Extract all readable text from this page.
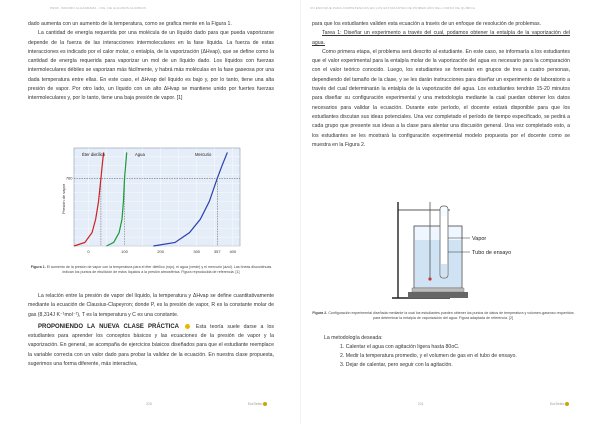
PROF. ISIDORO ALGARRAMA · ING. DE ALGUNOS ALUMNOS

dado aumenta con un aumento de la temperatura, como se grafica mente en la Figura 1.

La cantidad de energía requerida por una molécula de un líquido dado para que pueda vaporizarse depende de la fuerza de las interacciones intermoleculares en la fase líquida. La fuerza de estas interacciones es indicado por el calor molar, o entalpía, de la vaporización (ΔHvap), que se define como la cantidad de energía requerida para vaporizar un mol de un líquido dado. Los líquidos con fuerzas intermoleculares débiles se vaporizan más fácilmente, y habrá más moléculas en la fase gaseosa por una dada temperatura entre ellas. En este caso, el ΔHvap del líquido es bajo y, por lo tanto, tiene una alta presión de vapor. Por otro lado, un líquido con un alto ΔHvap se mantiene unido por fuertes fuerzas intermoleculares y, por lo tanto, tiene una baja presión de vapor. [1]

0	100	200	300	357 400
760
Presión de vapor
Éter dietílico	Agua	Mercurio
Figura 1. El aumento de la presión de vapor con la temperatura para el éter dietílico (rojo), el agua (verde) y el mercurio (azul). Las líneas discontinuas indican los puntos de ebullición de estos líquidos a la presión atmosférica. Figura reproducida de referencia. [1]

La relación entre la presión de vapor del líquido, la temperatura y ΔHvap se define cuantitativamente mediante la ecuación de Clausius-Clapeyron; donde P, es la presión de vapor, R es la constante molar de gas (8,314J K⁻¹mol⁻¹), T es la temperatura y C es una constante.

PROPONIENDO LA NUEVA CLASE PRÁCTICA	Esta teoría suele darse a los estudiantes para aprender los conceptos básicos y las ecuaciones de la presión de vapor y la vaporización. En general, se acompaña de ejercicios básicos diseñados para que el estudiante reemplace la variable correcta con un valor dado para probar la validez de la ecuación. En nuestra clase propuesta, sugerimos una forma diferente, más interactiva,

210	EurSebio
UN ENFOQUE PARA COMPETENCIAS EN LOS ESTUDIANTES DE PRIMER AÑO DEL CURSO DE QUÍMICA

para que los estudiantes validen esta ecuación a través de un enfoque de resolución de problemas.

Tarea 1: Diseñar un experimento a través del cual, podamos obtener la entalpía de la vaporización del agua.

Como primera etapa, el problema será descrito al estudiante. En este caso, se informaría a los estudiantes que el valor experimental para la entalpía molar de la vaporización del agua es necesario para la comparación con el valor teórico conocido. Luego, los estudiantes se formarán en grupos de tres a cuatro personas, dependiendo del tamaño de la clase, y se les darán instrucciones para diseñar un experimento de laboratorio a través del cual determinarán la entalpía de la vaporización del agua. Los estudiantes tendrán 15-20 minutos para diseñar su configuración experimental y una metodología mediante la cual puedan obtener los datos necesarios para validar la ecuación. Durante este período, el docente estará disponible para que los estudiantes discutan sus ideas potenciales. Una vez completado el período de tiempo especificado, se pedirá a cada grupo que presente sus ideas a la clase para alentar una discusión general. Una vez completado esto, a los estudiantes se les mostrará la configuración experimental modelo propuesta por el docente como se muestra en la Figura 2.

Vapor
Tubo de ensayo
Figura 2. Configuración experimental diseñada mediante la cual los estudiantes pueden obtener los puntos de datos de temperatura y volumen-gaseoso requeridos para determinar la entalpía de vaporización del agua. Figura adaptada de referencia. [2]
La metodología deseada:
1. Calentar el agua con agitación ligera hasta 80oC.
2. Medir la temperatura promedio, y el volumen de gas en el tubo de ensayo.
3. Dejar de calentar, pero seguir con la agitación.
211	EurSebio
